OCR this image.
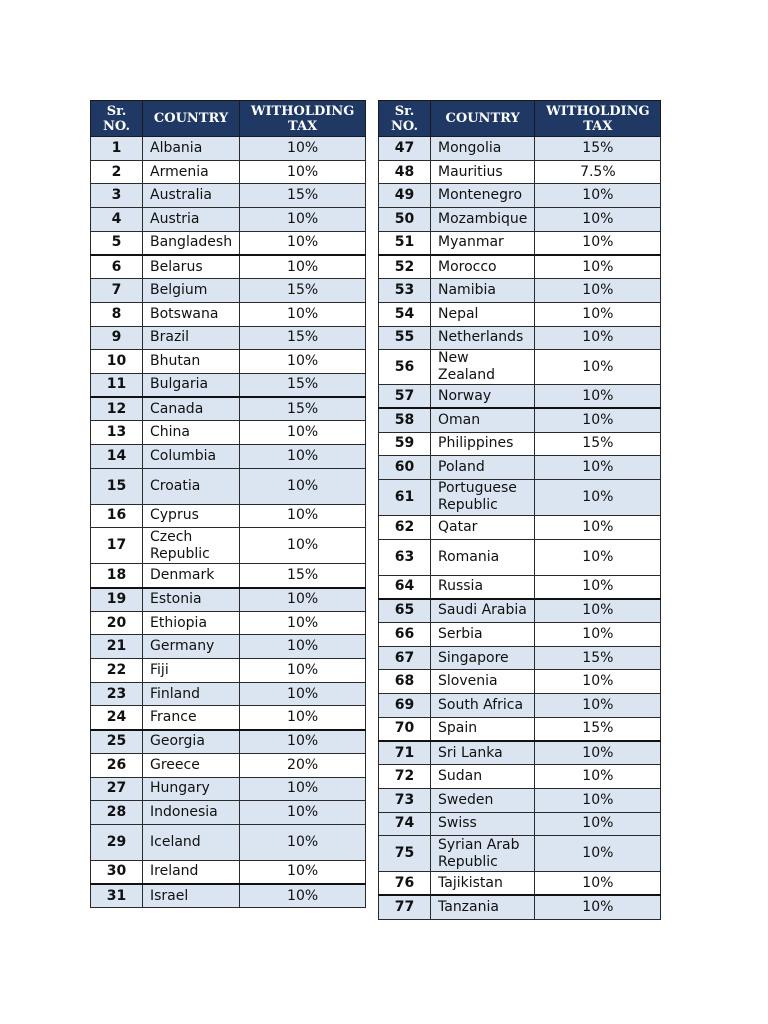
Sr. NO.	COUNTRY	WITHOLDING TAX
1	Albania	10%
2	Armenia	10%
3	Australia	15%
4	Austria	10%
5	Bangladesh	10%
6	Belarus	10%
7	Belgium	15%
8	Botswana	10%
9	Brazil	15%
10	Bhutan	10%
11	Bulgaria	15%
12	Canada	15%
13	China	10%
14	Columbia	10%
15	Croatia	10%
16	Cyprus	10%
17	Czech Republic	10%
18	Denmark	15%
19	Estonia	10%
20	Ethiopia	10%
21	Germany	10%
22	Fiji	10%
23	Finland	10%
24	France	10%
25	Georgia	10%
26	Greece	20%
27	Hungary	10%
28	Indonesia	10%
29	Iceland	10%
30	Ireland	10%
31	Israel	10%
Sr. NO.	COUNTRY	WITHOLDING TAX
47	Mongolia	15%
48	Mauritius	7.5%
49	Montenegro	10%
50	Mozambique	10%
51	Myanmar	10%
52	Morocco	10%
53	Namibia	10%
54	Nepal	10%
55	Netherlands	10%
56	New Zealand	10%
57	Norway	10%
58	Oman	10%
59	Philippines	15%
60	Poland	10%
61	Portuguese Republic	10%
62	Qatar	10%
63	Romania	10%
64	Russia	10%
65	Saudi Arabia	10%
66	Serbia	10%
67	Singapore	15%
68	Slovenia	10%
69	South Africa	10%
70	Spain	15%
71	Sri Lanka	10%
72	Sudan	10%
73	Sweden	10%
74	Swiss	10%
75	Syrian Arab Republic	10%
76	Tajikistan	10%
77	Tanzania	10%
